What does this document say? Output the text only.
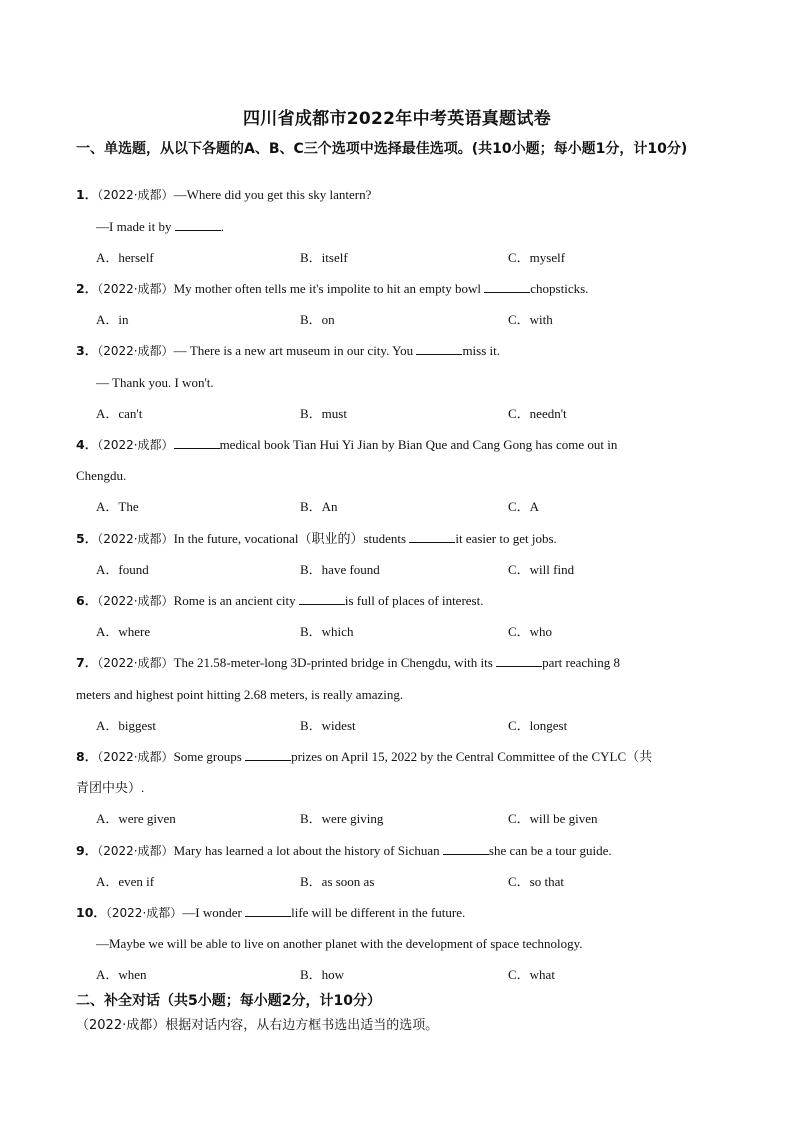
四川省成都市2022年中考英语真题试卷
一、单选题，从以下各题的A、B、C三个选项中选择最佳选项。(共10小题；每小题1分，计10分)
1．（2022·成都）—Where did you get this sky lantern?
—I made it by	.
A．herself	B．itself	C．myself
2．（2022·成都）My mother often tells me it's impolite to hit an empty bowl	chopsticks.
A．in	B．on	C．with
3．（2022·成都）— There is a new art museum in our city. You	miss it.
— Thank you. I won't.
A．can't	B．must	C．needn't
4．（2022·成都）	medical book Tian Hui Yi Jian by Bian Que and Cang Gong has come out in
Chengdu.
A．The	B．An	C．A
5．（2022·成都）In the future, vocational（职业的）students	it easier to get jobs.
A．found	B．have found	C．will find
6．（2022·成都）Rome is an ancient city	is full of places of interest.
A．where	B．which	C．who
7．（2022·成都）The 21.58-meter-long 3D-printed bridge in Chengdu, with its	part reaching 8
meters and highest point hitting 2.68 meters, is really amazing.
A．biggest	B．widest	C．longest
8．（2022·成都）Some groups	prizes on April 15, 2022 by the Central Committee of the CYLC（共
青团中央）.
A．were given	B．were giving	C．will be given
9．（2022·成都）Mary has learned a lot about the history of Sichuan	she can be a tour guide.
A．even if	B．as soon as	C．so that
10．（2022·成都）—I wonder	life will be different in the future.
—Maybe we will be able to live on another planet with the development of space technology.
A．when	B．how	C．what
二、补全对话（共5小题；每小题2分，计10分）
（2022·成都）根据对话内容，从右边方框书选出适当的选项。
